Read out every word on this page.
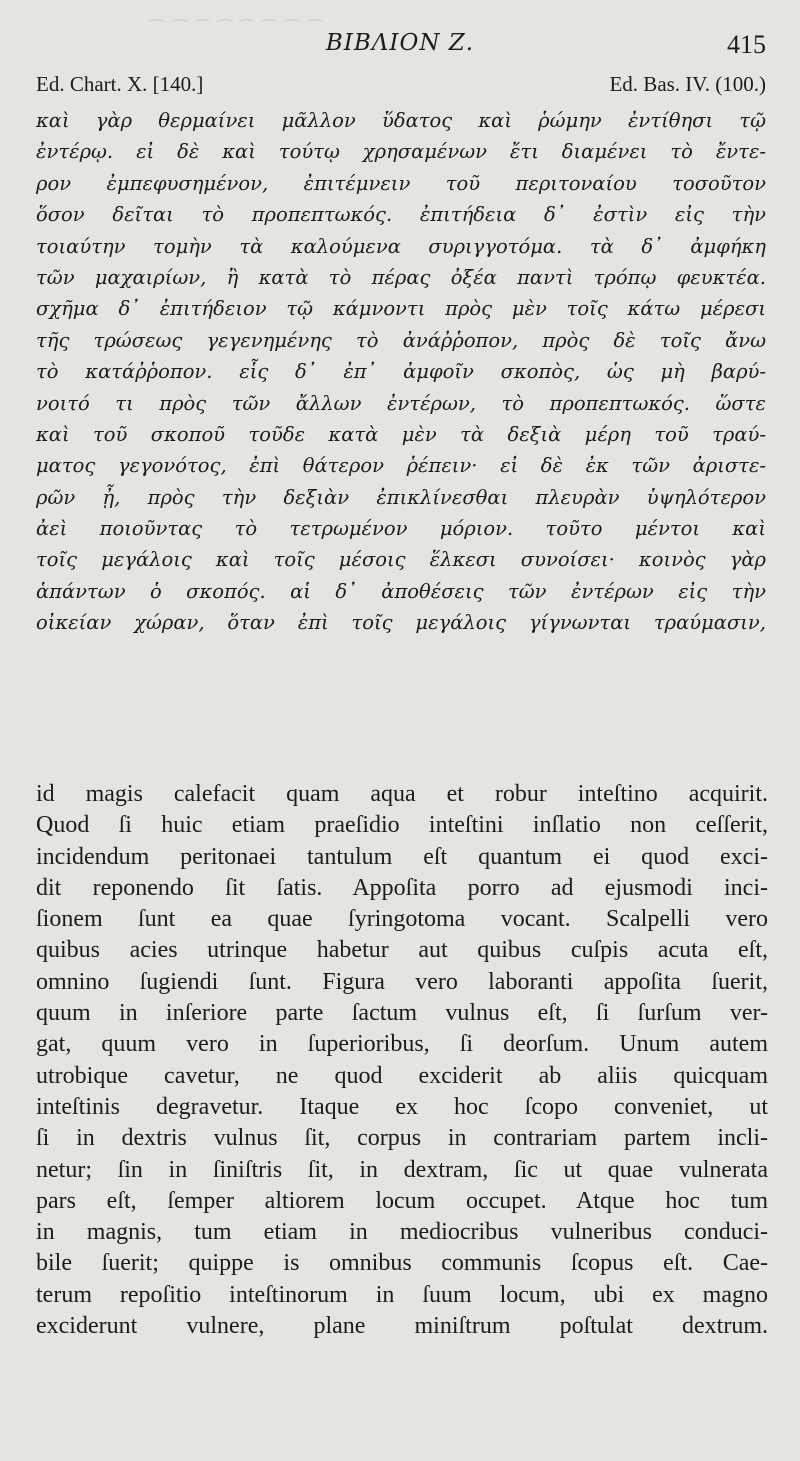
⁀⁀⁀⁀⁀⁀⁀⁀
BIBΛΙΟΝ Ζ.	415
Ed. Chart. X. [140.]	Ed. Bas. IV. (100.)
καὶ γὰρ θερμαίνει μᾶλλον ὕδατος καὶ ῥώμην ἐντίθησι τῷ
ἐντέρῳ. εἰ δὲ καὶ τούτῳ χρησαμένων ἔτι διαμένει τὸ ἔντε-
ρον ἐμπεφυσημένον, ἐπιτέμνειν τοῦ περιτοναίου τοσοῦτον
ὅσον δεῖται τὸ προπεπτωκός. ἐπιτήδεια δ᾽ ἐστὶν εἰς τὴν
τοιαύτην τομὴν τὰ καλούμενα συριγγοτόμα. τὰ δ᾽ ἀμφήκη
τῶν μαχαιρίων, ἢ κατὰ τὸ πέρας ὀξέα παντὶ τρόπῳ φευκτέα.
σχῆμα δ᾽ ἐπιτήδειον τῷ κάμνοντι πρὸς μὲν τοῖς κάτω μέρεσι
τῆς τρώσεως γεγενημένης τὸ ἀνάῤῥοπον, πρὸς δὲ τοῖς ἄνω
τὸ κατάῤῥοπον. εἷς δ᾽ ἐπ᾽ ἀμφοῖν σκοπὸς, ὡς μὴ βαρύ-
νοιτό τι πρὸς τῶν ἄλλων ἐντέρων, τὸ προπεπτωκός. ὥστε
καὶ τοῦ σκοποῦ τοῦδε κατὰ μὲν τὰ δεξιὰ μέρη τοῦ τραύ-
ματος γεγονότος, ἐπὶ θάτερον ῥέπειν· εἰ δὲ ἐκ τῶν ἀριστε-
ρῶν ᾖ, πρὸς τὴν δεξιὰν ἐπικλίνεσθαι πλευρὰν ὑψηλότερον
ἀεὶ ποιοῦντας τὸ τετρωμένον μόριον. τοῦτο μέντοι καὶ
τοῖς μεγάλοις καὶ τοῖς μέσοις ἕλκεσι συνοίσει· κοινὸς γὰρ
ἁπάντων ὁ σκοπός. αἱ δ᾽ ἀποθέσεις τῶν ἐντέρων εἰς τὴν
οἰκείαν χώραν, ὅταν ἐπὶ τοῖς μεγάλοις γίγνωνται τραύμασιν,
id magis calefacit quam aqua et robur inteſtino acquirit.
Quod ſi huic etiam praeſidio inteſtini inſlatio non ceſſerit,
incidendum peritonaei tantulum eſt quantum ei quod exci-
dit reponendo ſit ſatis. Appoſita porro ad ejusmodi inci-
ſionem ſunt ea quae ſyringotoma vocant. Scalpelli vero
quibus acies utrinque habetur aut quibus cuſpis acuta eſt,
omnino ſugiendi ſunt. Figura vero laboranti appoſita ſuerit,
quum in inſeriore parte ſactum vulnus eſt, ſi ſurſum ver-
gat, quum vero in ſuperioribus, ſi deorſum. Unum autem
utrobique cavetur, ne quod exciderit ab aliis quicquam
inteſtinis degravetur. Itaque ex hoc ſcopo conveniet, ut
ſi in dextris vulnus ſit, corpus in contrariam partem incli-
netur; ſin in ſiniſtris ſit, in dextram, ſic ut quae vulnerata
pars eſt, ſemper altiorem locum occupet. Atque hoc tum
in magnis, tum etiam in mediocribus vulneribus conduci-
bile ſuerit; quippe is omnibus communis ſcopus eſt. Cae-
terum repoſitio inteſtinorum in ſuum locum, ubi ex magno
exciderunt vulnere, plane miniſtrum poſtulat dextrum.
